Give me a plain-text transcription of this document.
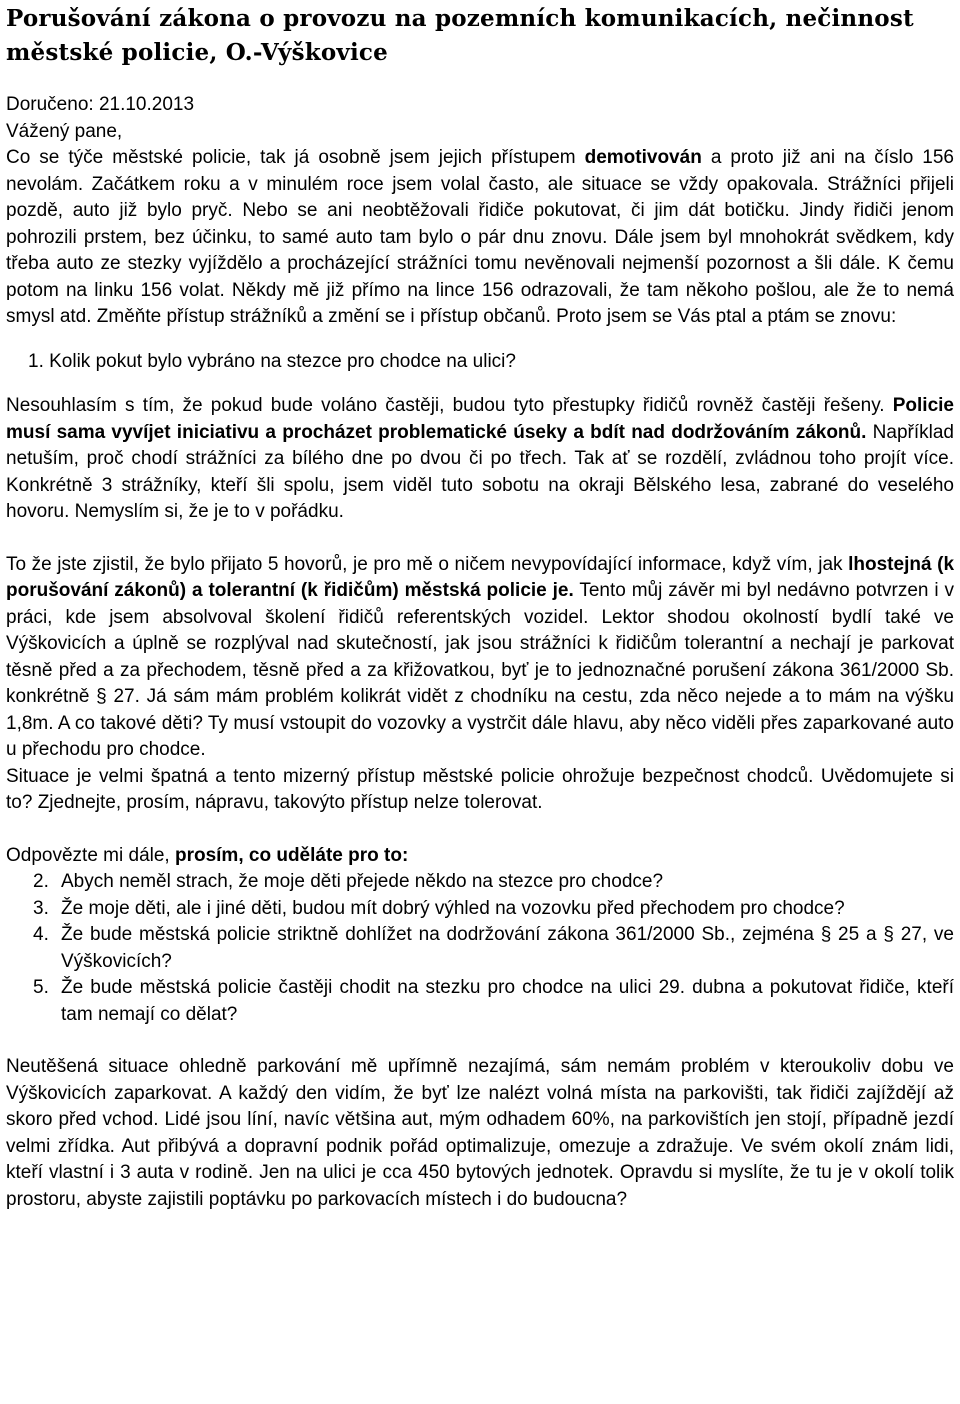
Porušování zákona o provozu na pozemních komunikacích, nečinnost městské policie, O.-Výškovice

Doručeno: 21.10.2013

Vážený pane,

Co se týče městské policie, tak já osobně jsem jejich přístupem demotivován a proto již ani na číslo 156 nevolám. Začátkem roku a v minulém roce jsem volal často, ale situace se vždy opakovala. Strážníci přijeli pozdě, auto již bylo pryč. Nebo se ani neobtěžovali řidiče pokutovat, či jim dát botičku. Jindy řidiči jenom pohrozili prstem, bez účinku, to samé auto tam bylo o pár dnu znovu. Dále jsem byl mnohokrát svědkem, kdy třeba auto ze stezky vyjíždělo a procházející strážníci tomu nevěnovali nejmenší pozornost a šli dále. K čemu potom na linku 156 volat. Někdy mě již přímo na lince 156 odrazovali, že tam někoho pošlou, ale že to nemá smysl atd. Změňte přístup strážníků a změní se i přístup občanů. Proto jsem se Vás ptal a ptám se znovu:

1. Kolik pokut bylo vybráno na stezce pro chodce na ulici?

Nesouhlasím s tím, že pokud bude voláno častěji, budou tyto přestupky řidičů rovněž častěji řešeny. Policie musí sama vyvíjet iniciativu a procházet problematické úseky a bdít nad dodržováním zákonů. Například netuším, proč chodí strážníci za bílého dne po dvou či po třech. Tak ať se rozdělí, zvládnou toho projít více. Konkrétně 3 strážníky, kteří šli spolu, jsem viděl tuto sobotu na okraji Bělského lesa, zabrané do veselého hovoru. Nemyslím si, že je to v pořádku.

To že jste zjistil, že bylo přijato 5 hovorů, je pro mě o ničem nevypovídající informace, když vím, jak lhostejná (k porušování zákonů) a tolerantní (k řidičům) městská policie je. Tento můj závěr mi byl nedávno potvrzen i v práci, kde jsem absolvoval školení řidičů referentských vozidel. Lektor shodou okolností bydlí také ve Výškovicích a úplně se rozplýval nad skutečností, jak jsou strážníci k řidičům tolerantní a nechají je parkovat těsně před a za přechodem, těsně před a za křižovatkou, byť je to jednoznačné porušení zákona 361/2000 Sb. konkrétně § 27. Já sám mám problém kolikrát vidět z chodníku na cestu, zda něco nejede a to mám na výšku 1,8m. A co takové děti? Ty musí vstoupit do vozovky a vystrčit dále hlavu, aby něco viděli přes zaparkované auto u přechodu pro chodce.

Situace je velmi špatná a tento mizerný přístup městské policie ohrožuje bezpečnost chodců. Uvědomujete si to? Zjednejte, prosím, nápravu, takovýto přístup nelze tolerovat.

Odpovězte mi dále, prosím, co uděláte pro to:

2. Abych neměl strach, že moje děti přejede někdo na stezce pro chodce?
3. Že moje děti, ale i jiné děti, budou mít dobrý výhled na vozovku před přechodem pro chodce?
4. Že bude městská policie striktně dohlížet na dodržování zákona 361/2000 Sb., zejména § 25 a § 27, ve Výškovicích?
5. Že bude městská policie častěji chodit na stezku pro chodce na ulici 29. dubna a pokutovat řidiče, kteří tam nemají co dělat?

Neutěšená situace ohledně parkování mě upřímně nezajímá, sám nemám problém v kteroukoliv dobu ve Výškovicích zaparkovat. A každý den vidím, že byť lze nalézt volná místa na parkovišti, tak řidiči zajíždějí až skoro před vchod. Lidé jsou líní, navíc většina aut, mým odhadem 60%, na parkovištích jen stojí, případně jezdí velmi zřídka. Aut přibývá a dopravní podnik pořád optimalizuje, omezuje a zdražuje. Ve svém okolí znám lidi, kteří vlastní i 3 auta v rodině. Jen na ulici je cca 450 bytových jednotek. Opravdu si myslíte, že tu je v okolí tolik prostoru, abyste zajistili poptávku po parkovacích místech i do budoucna?
